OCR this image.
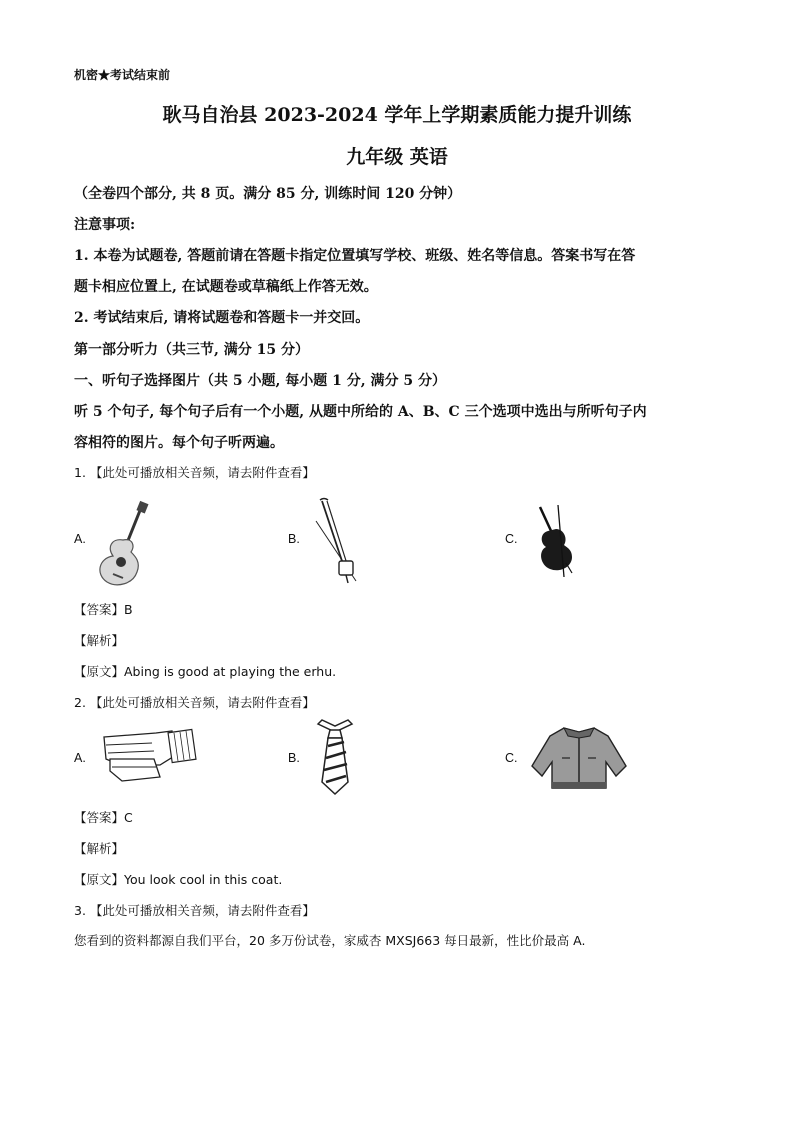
机密★考试结束前
耿马自治县 2023-2024 学年上学期素质能力提升训练
九年级 英语
（全卷四个部分, 共 8 页。满分 85 分, 训练时间 120 分钟）
注意事项:
1. 本卷为试题卷, 答题前请在答题卡指定位置填写学校、班级、姓名等信息。答案书写在答
题卡相应位置上, 在试题卷或草稿纸上作答无效。
2. 考试结束后, 请将试题卷和答题卡一并交回。
第一部分听力（共三节, 满分 15 分）
一、听句子选择图片（共 5 小题, 每小题 1 分, 满分 5 分）
听 5 个句子, 每个句子后有一个小题, 从题中所给的 A、B、C 三个选项中选出与所听句子内
容相符的图片。每个句子听两遍。
1. 【此处可播放相关音频，请去附件查看】
A.	B.	C.
【答案】B
【解析】
【原文】Abing is good at playing the erhu.
2. 【此处可播放相关音频，请去附件查看】
A.	B.	C.
【答案】C
【解析】
【原文】You look cool in this coat.
3. 【此处可播放相关音频，请去附件查看】
您看到的资料都源自我们平台，20 多万份试卷，家威杏 MXSJ663 每日最新，性比价最高 A.
